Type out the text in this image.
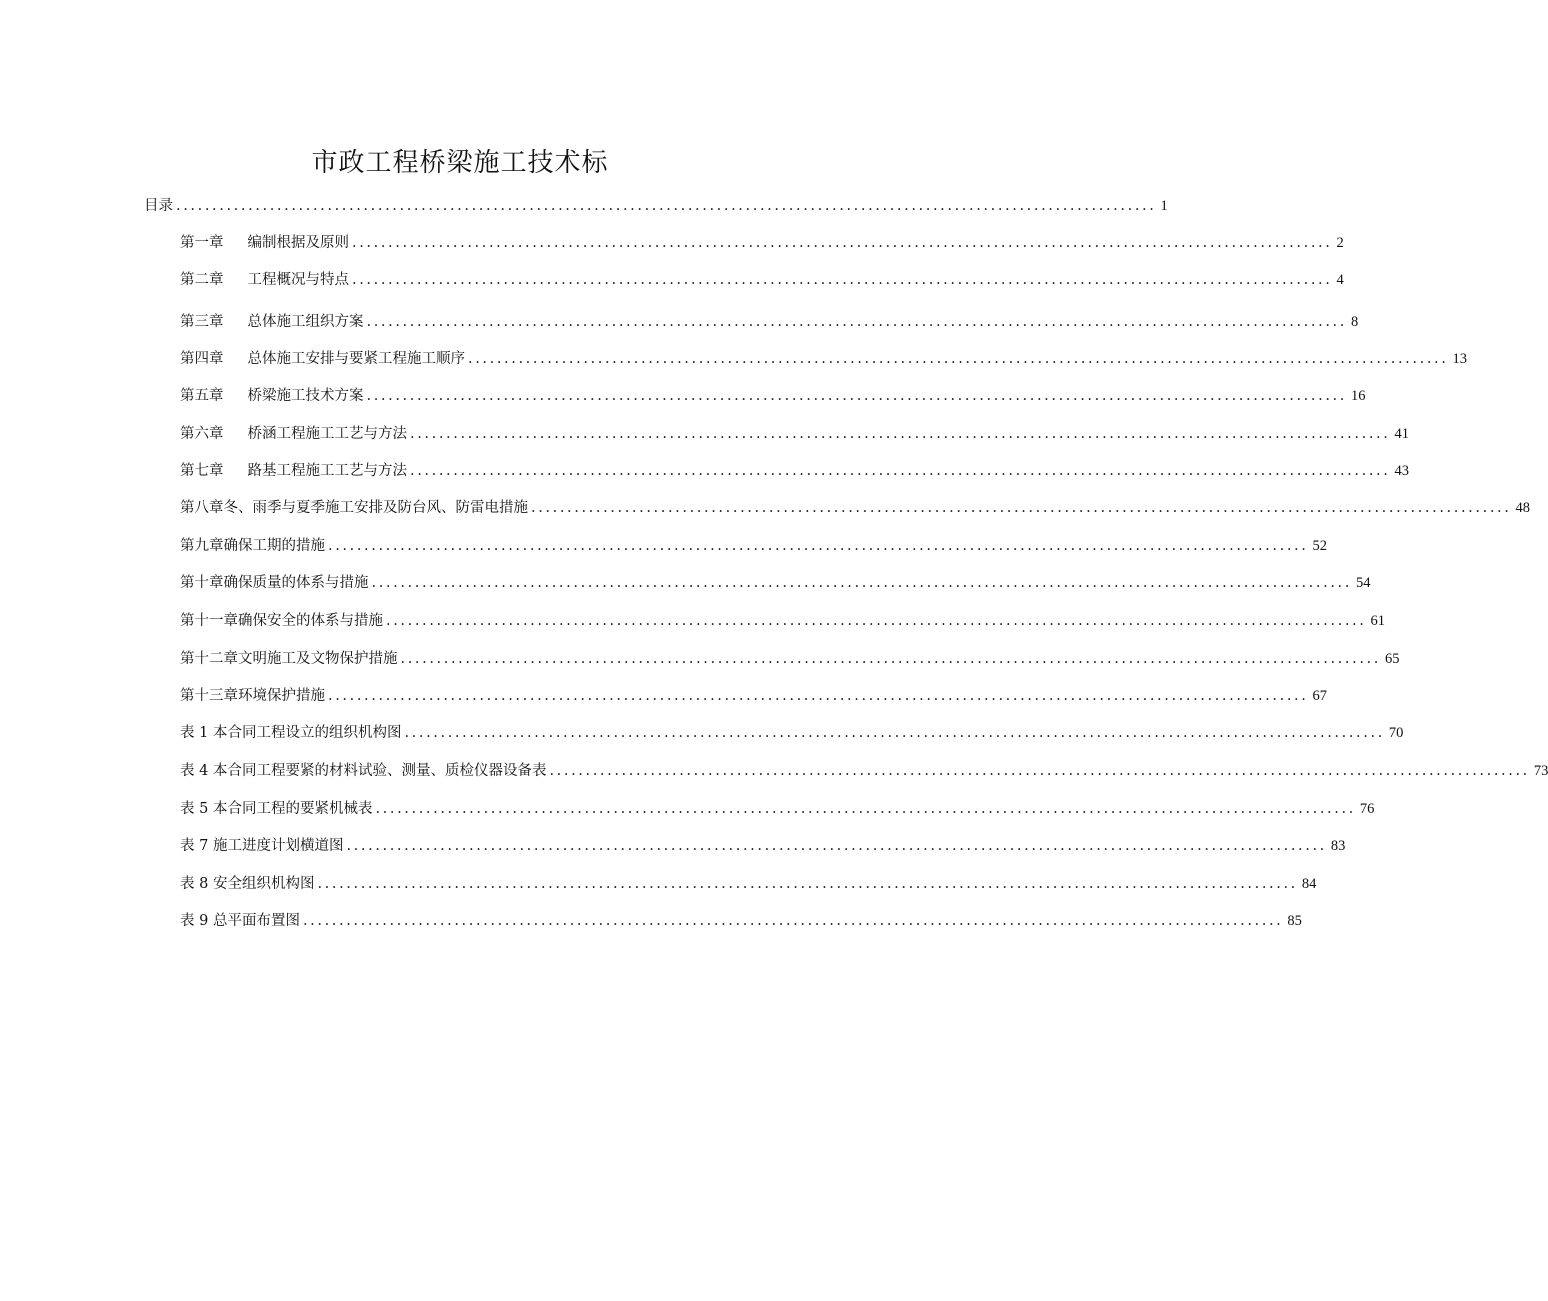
市政工程桥梁施工技术标
目录 ........................................................................................................................................ 1
第一章 编制根据及原则 ........................................................................................................................................ 2
第二章 工程概况与特点 ........................................................................................................................................ 4
第三章 总体施工组织方案 ........................................................................................................................................ 8
第四章 总体施工安排与要紧工程施工顺序 ........................................................................................................................................ 13
第五章 桥梁施工技术方案 ........................................................................................................................................ 16
第六章 桥涵工程施工工艺与方法 ........................................................................................................................................ 41
第七章 路基工程施工工艺与方法 ........................................................................................................................................ 43
第八章冬、雨季与夏季施工安排及防台风、防雷电措施 ........................................................................................................................................ 48
第九章确保工期的措施 ........................................................................................................................................ 52
第十章确保质量的体系与措施 ........................................................................................................................................ 54
第十一章确保安全的体系与措施 ........................................................................................................................................ 61
第十二章文明施工及文物保护措施 ........................................................................................................................................ 65
第十三章环境保护措施 ........................................................................................................................................ 67
表 1 本合同工程设立的组织机构图 ........................................................................................................................................ 70
表 4 本合同工程要紧的材料试验、测量、质检仪器设备表 ........................................................................................................................................ 73
表 5 本合同工程的要紧机械表 ........................................................................................................................................ 76
表 7 施工进度计划横道图 ........................................................................................................................................ 83
表 8 安全组织机构图 ........................................................................................................................................ 84
表 9 总平面布置图 ........................................................................................................................................ 85
